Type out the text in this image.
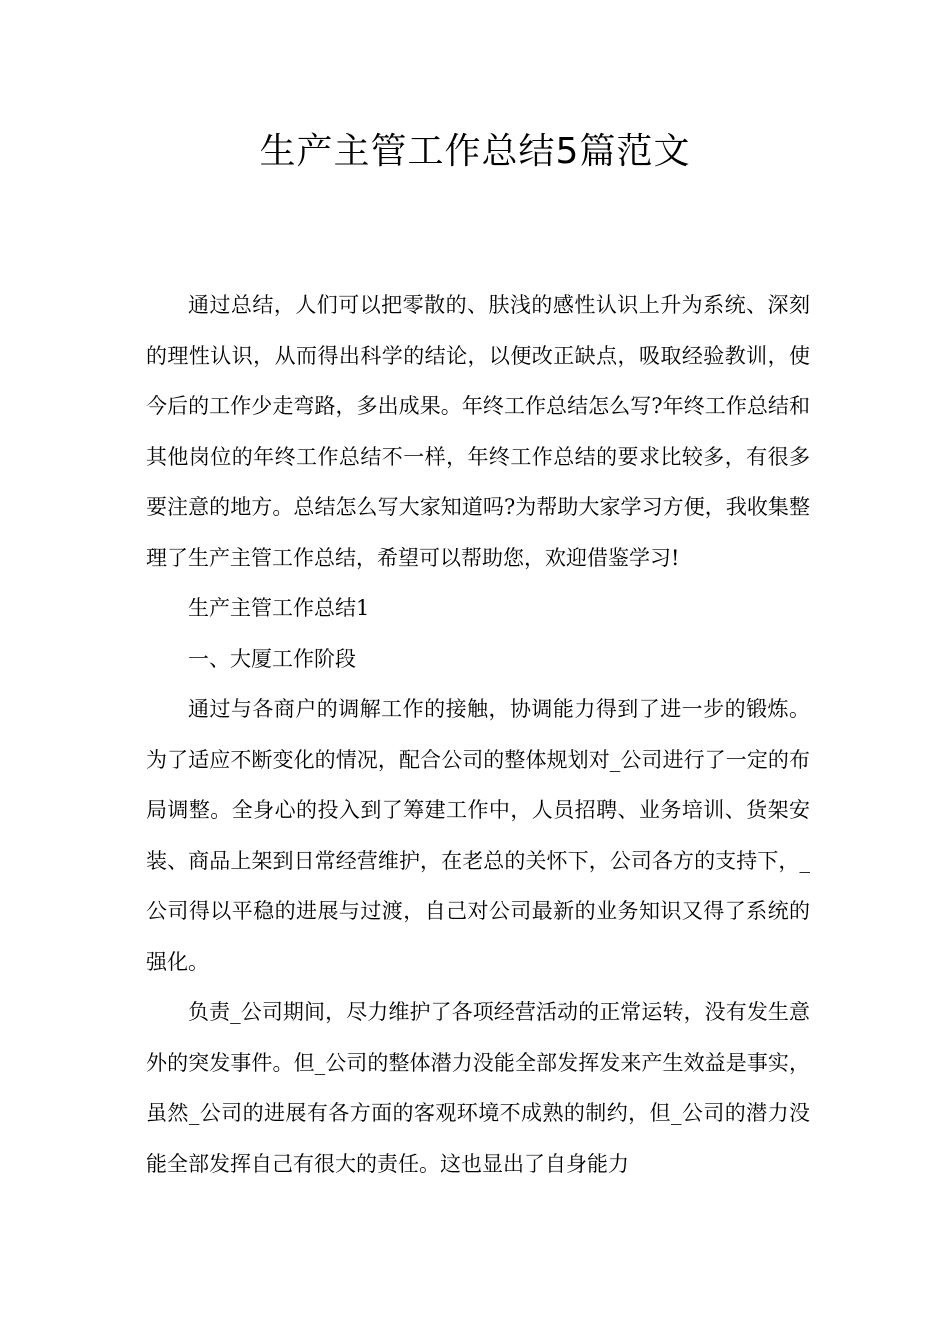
生产主管工作总结5篇范文

通过总结，人们可以把零散的、肤浅的感性认识上升为系统、深刻的理性认识，从而得出科学的结论，以便改正缺点，吸取经验教训，使今后的工作少走弯路，多出成果。年终工作总结怎么写?年终工作总结和其他岗位的年终工作总结不一样，年终工作总结的要求比较多，有很多要注意的地方。总结怎么写大家知道吗?为帮助大家学习方便，我收集整理了生产主管工作总结，希望可以帮助您，欢迎借鉴学习!

生产主管工作总结1

一、大厦工作阶段

通过与各商户的调解工作的接触，协调能力得到了进一步的锻炼。为了适应不断变化的情况，配合公司的整体规划对_公司进行了一定的布局调整。全身心的投入到了筹建工作中，人员招聘、业务培训、货架安装、商品上架到日常经营维护，在老总的关怀下，公司各方的支持下，_公司得以平稳的进展与过渡，自己对公司最新的业务知识又得了系统的强化。

负责_公司期间，尽力维护了各项经营活动的正常运转，没有发生意外的突发事件。但_公司的整体潜力没能全部发挥发来产生效益是事实，虽然_公司的进展有各方面的客观环境不成熟的制约，但_公司的潜力没能全部发挥自己有很大的责任。这也显出了自身能力
